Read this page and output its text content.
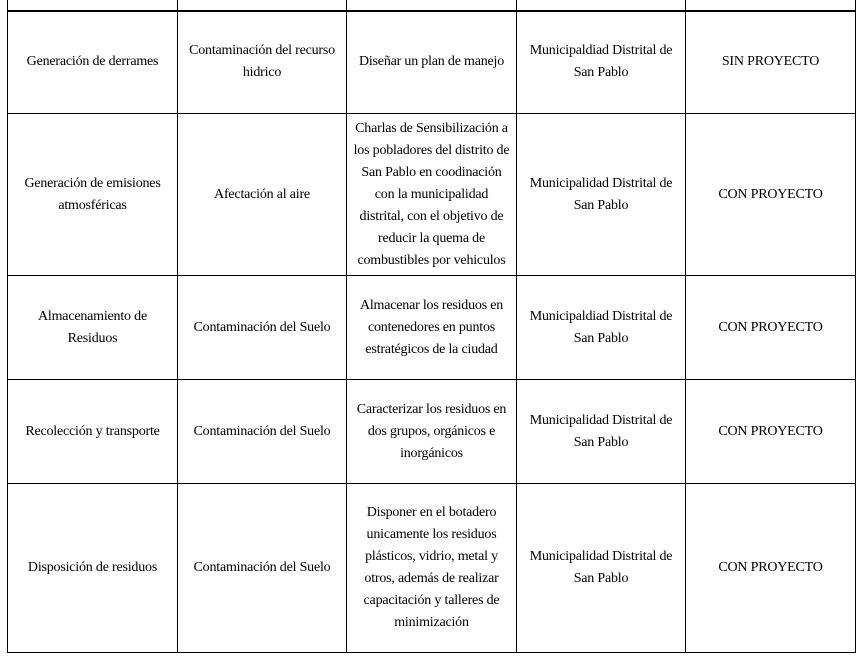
Generación de derrames	Contaminación del recurso hidrico	Diseñar un plan de manejo	Municipaldiad Distrital de San Pablo	SIN PROYECTO
Generación de emisiones atmosféricas	Afectación al aire	Charlas de Sensibilización a los pobladores del distrito de San Pablo en coodinación con la municipalidad distrital, con el objetivo de reducir la quema de combustibles por vehiculos	Municipalidad Distrital de San Pablo	CON PROYECTO
Almacenamiento de Residuos	Contaminación del Suelo	Almacenar los residuos en contenedores en puntos estratégicos de la ciudad	Municipaldiad Distrital de San Pablo	CON PROYECTO
Recolección y transporte	Contaminación del Suelo	Caracterizar los residuos en dos grupos, orgánicos e inorgánicos	Municipalidad Distrital de San Pablo	CON PROYECTO
Disposición de residuos	Contaminación del Suelo	Disponer en el botadero unicamente los residuos plásticos, vidrio, metal y otros, además de realizar capacitación y talleres de minimización	Municipalidad Distrital de San Pablo	CON PROYECTO
